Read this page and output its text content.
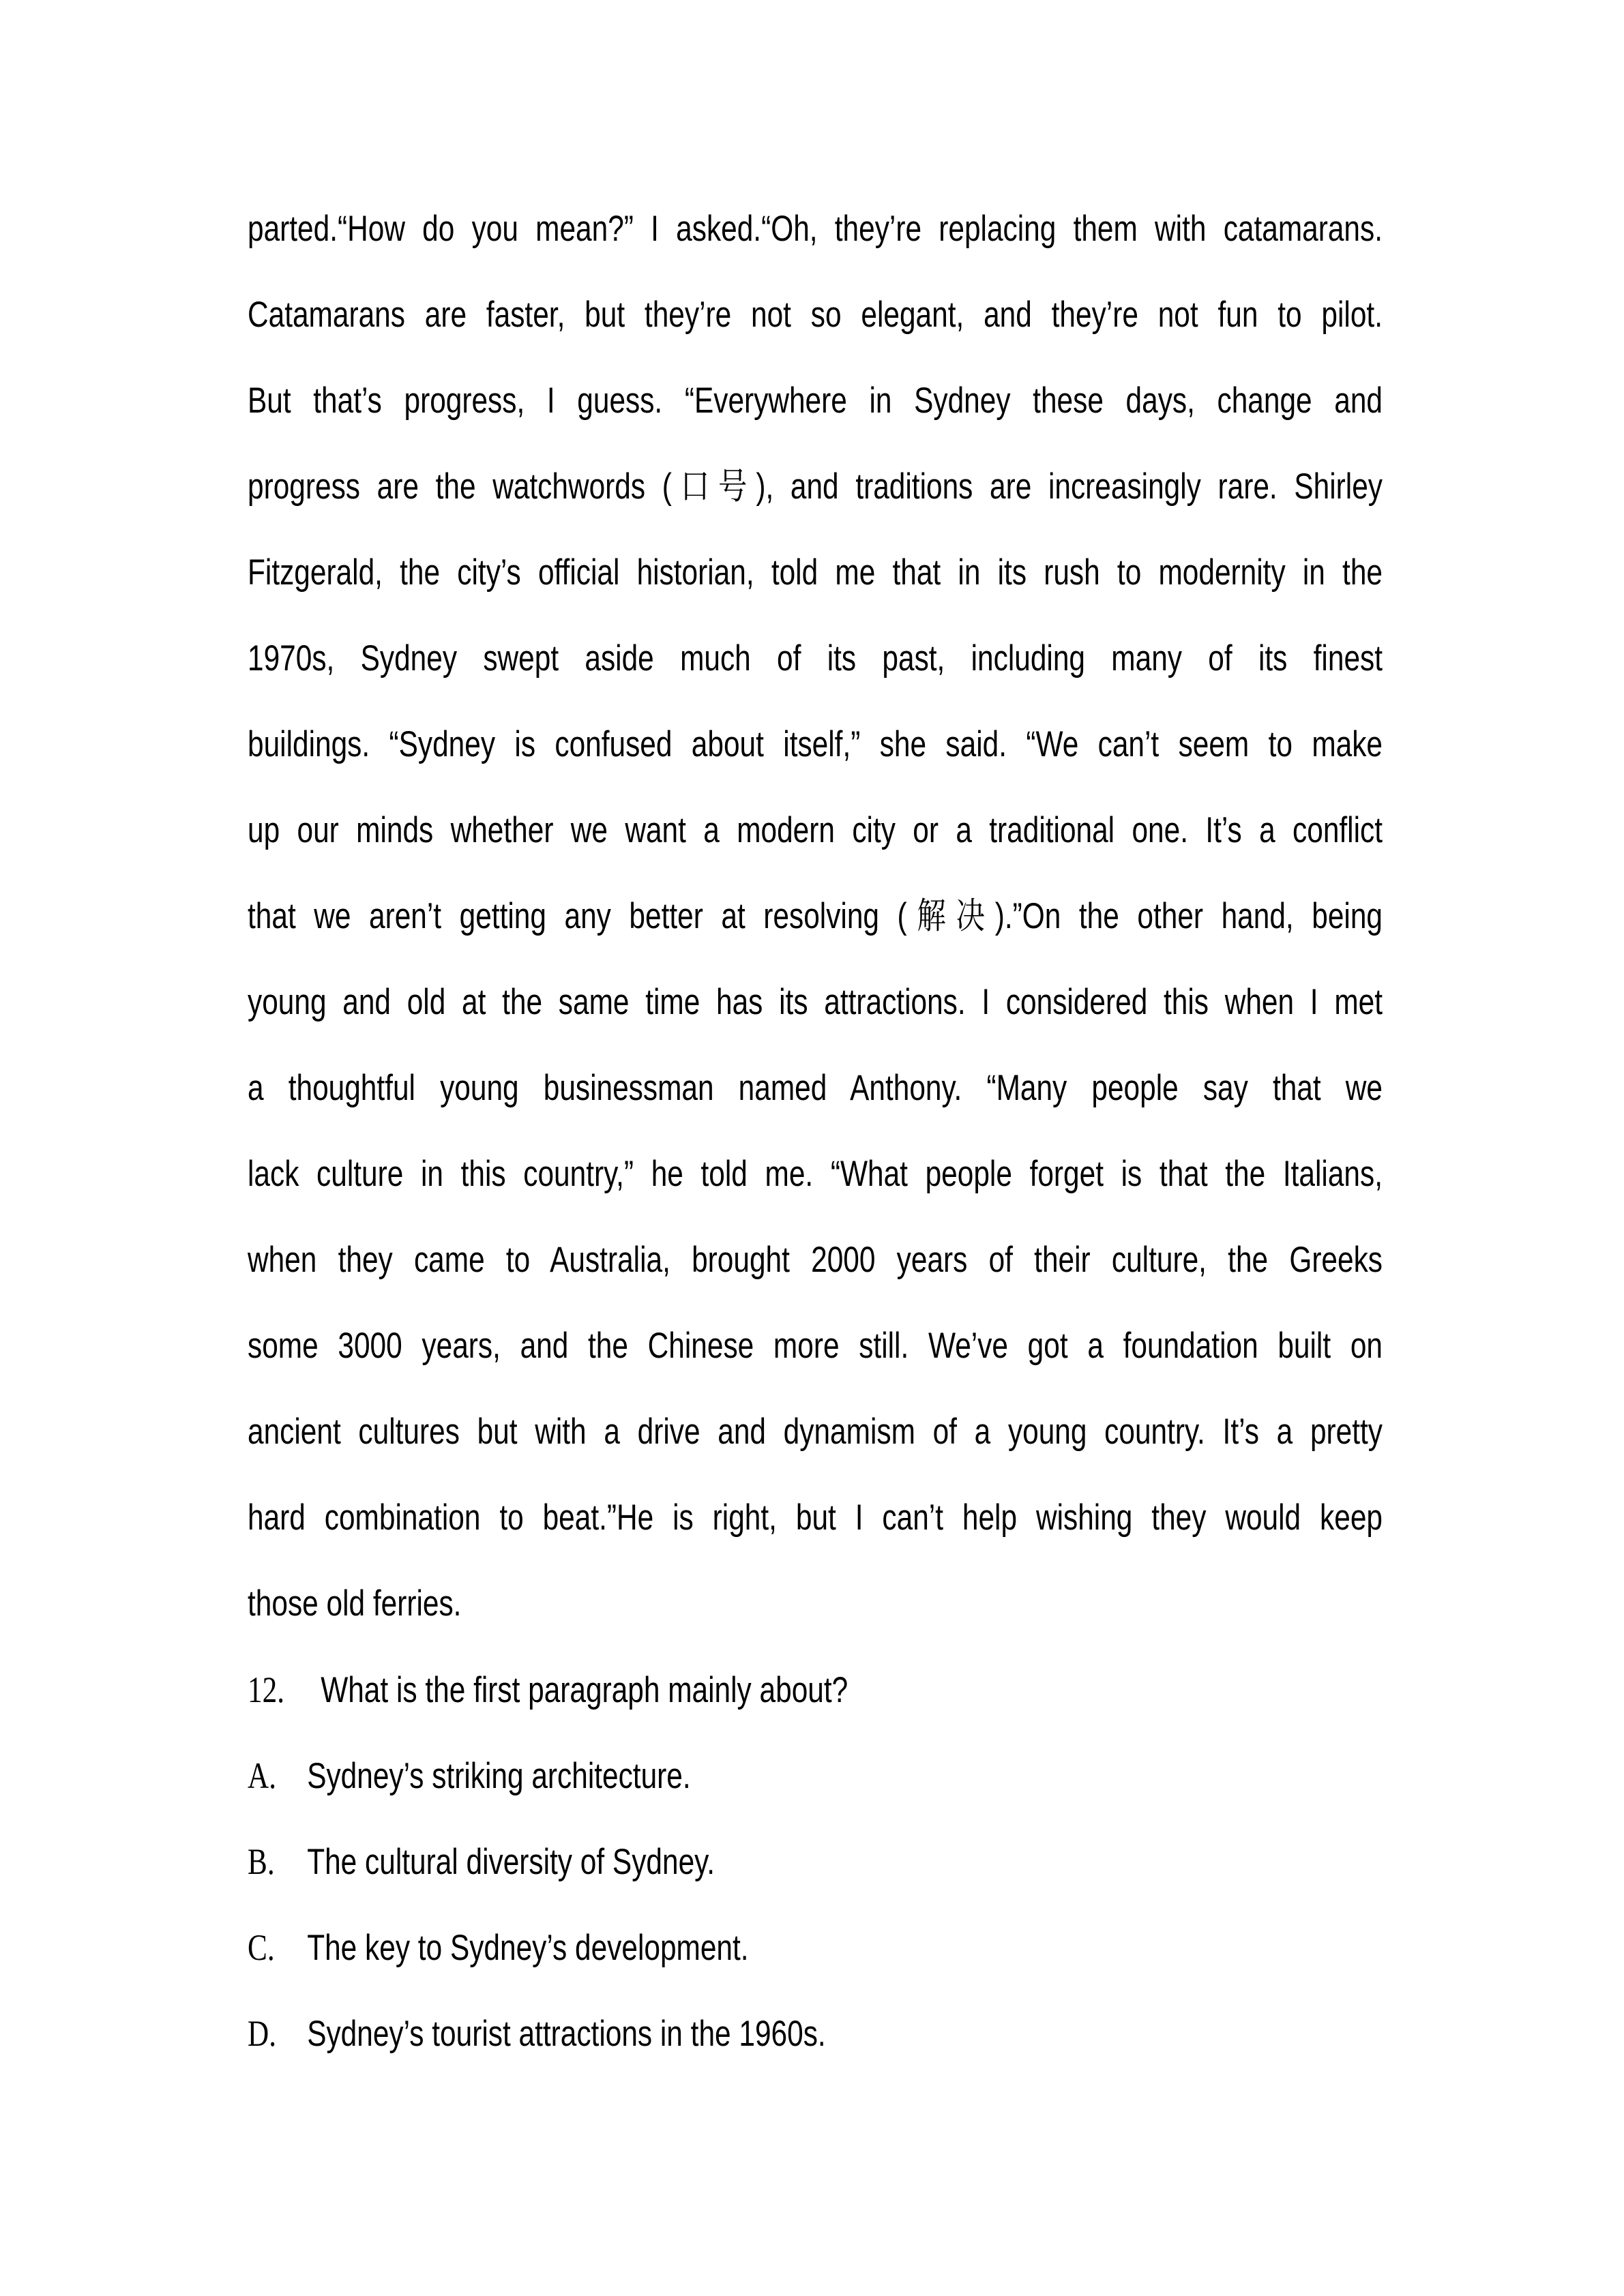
parted.“How do you mean?” I asked.“Oh, they’re replacing them with catamarans.
Catamarans are faster, but they’re not so elegant, and they’re not fun to pilot.
But that’s progress, I guess. “Everywhere in Sydney these days, change and
progress are the watchwords (口号), and traditions are increasingly rare. Shirley
Fitzgerald, the city’s official historian, told me that in its rush to modernity in the
1970s, Sydney swept aside much of its past, including many of its finest
buildings. “Sydney is confused about itself,” she said. “We can’t seem to make
up our minds whether we want a modern city or a traditional one. It’s a conflict
that we aren’t getting any better at resolving (解决).”On the other hand, being
young and old at the same time has its attractions. I considered this when I met
a thoughtful young businessman named Anthony. “Many people say that we
lack culture in this country,” he told me. “What people forget is that the Italians,
when they came to Australia, brought 2000 years of their culture, the Greeks
some 3000 years, and the Chinese more still. We’ve got a foundation built on
ancient cultures but with a drive and dynamism of a young country. It’s a pretty
hard combination to beat.”He is right, but I can’t help wishing they would keep
those old ferries.
12. What is the first paragraph mainly about?
A. Sydney’s striking architecture.
B. The cultural diversity of Sydney.
C. The key to Sydney’s development.
D. Sydney’s tourist attractions in the 1960s.
